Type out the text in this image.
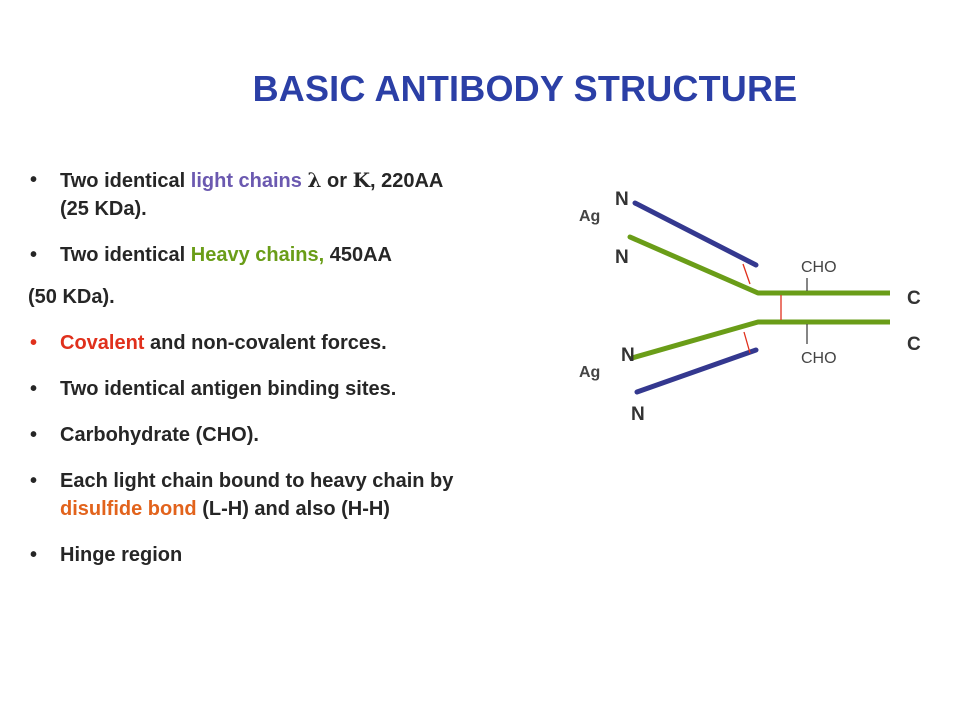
BASIC ANTIBODY STRUCTURE
•	Two identical light chains λ or Κ, 220AA
(25 KDa).
•	Two identical Heavy chains, 450AA
(50 KDa).
•	Covalent and non-covalent forces.
•	Two identical antigen binding sites.
•	Carbohydrate (CHO).
•	Each light chain bound to heavy chain by disulfide bond (L-H) and also (H-H)
•	Hinge region
N
N
N
N
Ag
Ag
CHO
CHO
C
C
